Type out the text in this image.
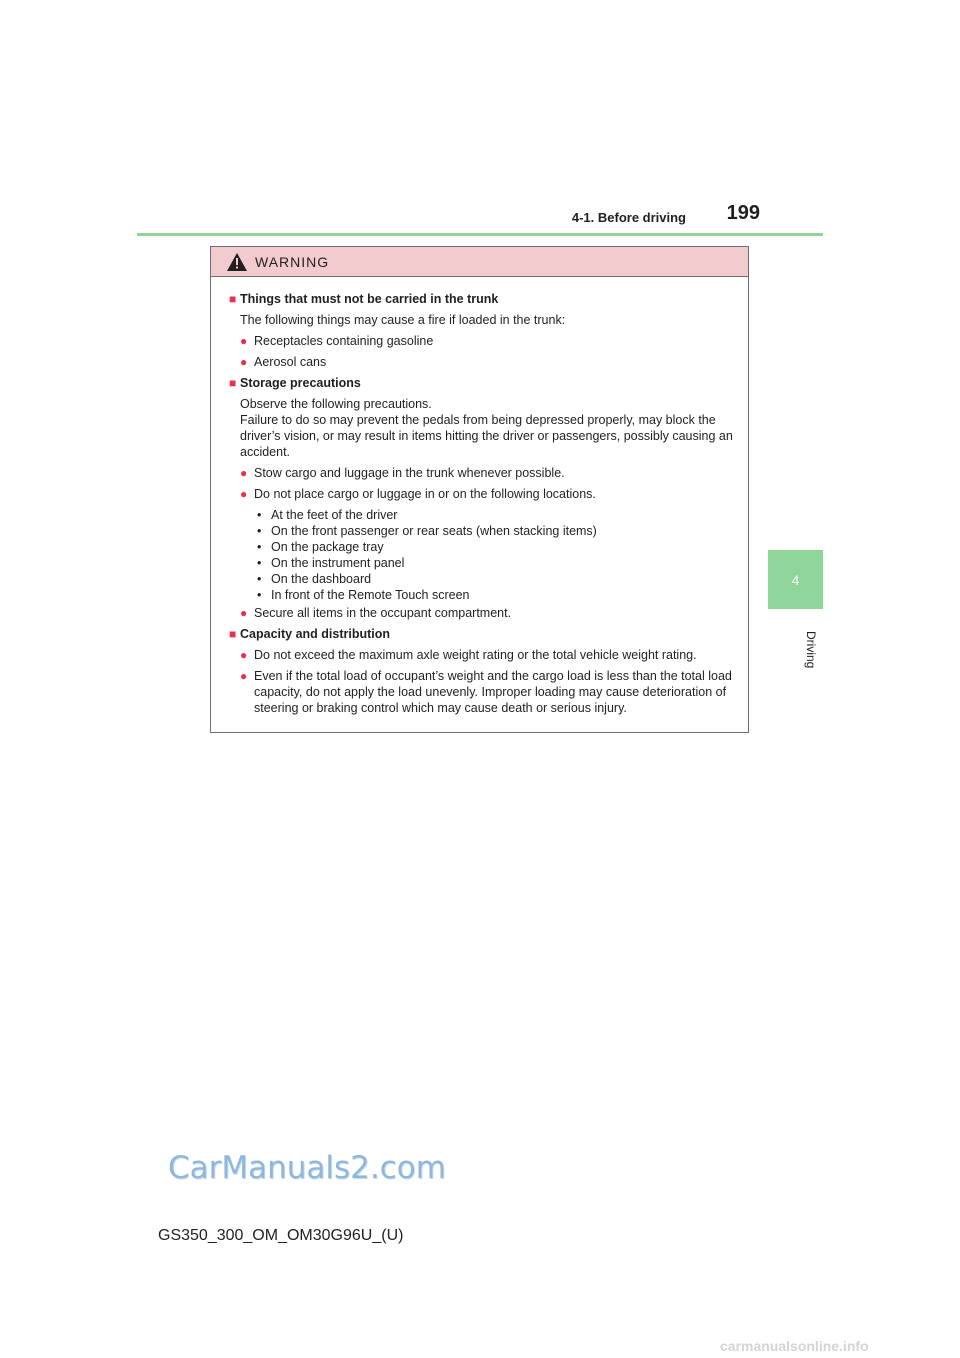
4-1. Before driving	199
4
Driving
WARNING
■ Things that must not be carried in the trunk
The following things may cause a fire if loaded in the trunk:
● Receptacles containing gasoline
● Aerosol cans
■ Storage precautions
Observe the following precautions.
Failure to do so may prevent the pedals from being depressed properly, may block the driver’s vision, or may result in items hitting the driver or passengers, possibly causing an accident.
● Stow cargo and luggage in the trunk whenever possible.
● Do not place cargo or luggage in or on the following locations.
• At the feet of the driver
• On the front passenger or rear seats (when stacking items)
• On the package tray
• On the instrument panel
• On the dashboard
• In front of the Remote Touch screen
● Secure all items in the occupant compartment.
■ Capacity and distribution
● Do not exceed the maximum axle weight rating or the total vehicle weight rating.
● Even if the total load of occupant’s weight and the cargo load is less than the total load capacity, do not apply the load unevenly. Improper loading may cause deterioration of steering or braking control which may cause death or serious injury.
CarManuals2.com
GS350_300_OM_OM30G96U_(U)
carmanualsonline.info
